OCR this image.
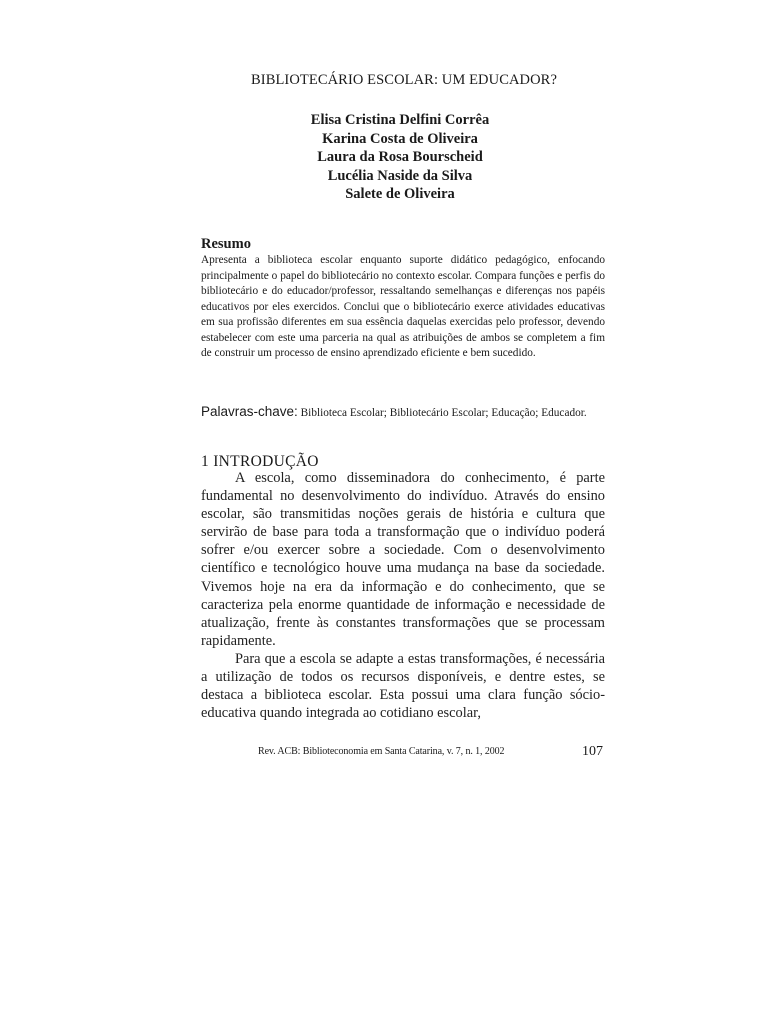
BIBLIOTECÁRIO ESCOLAR: UM EDUCADOR?
Elisa Cristina Delfini Corrêa
Karina Costa de Oliveira
Laura da Rosa Bourscheid
Lucélia Naside da Silva
Salete de Oliveira
Resumo
Apresenta a biblioteca escolar enquanto suporte didático pedagógico, enfocando principalmente o papel do bibliotecário no contexto escolar. Compara funções e perfis do bibliotecário e do educador/professor, ressaltando semelhanças e diferenças nos papéis educativos por eles exercidos. Conclui que o bibliotecário exerce atividades educativas em sua profissão diferentes em sua essência daquelas exercidas pelo professor, devendo estabelecer com este uma parceria na qual as atribuições de ambos se completem a fim de construir um processo de ensino aprendizado eficiente e bem sucedido.
Palavras-chave: Biblioteca Escolar; Bibliotecário Escolar; Educação; Educador.
1 INTRODUÇÃO

A escola, como disseminadora do conhecimento, é parte fundamental no desenvolvimento do indivíduo. Através do ensino escolar, são transmitidas noções gerais de história e cultura que servirão de base para toda a transformação que o indivíduo poderá sofrer e/ou exercer sobre a sociedade. Com o desenvolvimento científico e tecnológico houve uma mudança na base da sociedade. Vivemos hoje na era da informação e do conhecimento, que se caracteriza pela enorme quantidade de informação e necessidade de atualização, frente às constantes transformações que se processam rapidamente.

Para que a escola se adapte a estas transformações, é necessária a utilização de todos os recursos disponíveis, e dentre estes, se destaca a biblioteca escolar. Esta possui uma clara função sócio-educativa quando integrada ao cotidiano escolar,

Rev. ACB: Biblioteconomia em Santa Catarina, v. 7, n. 1, 2002	107
